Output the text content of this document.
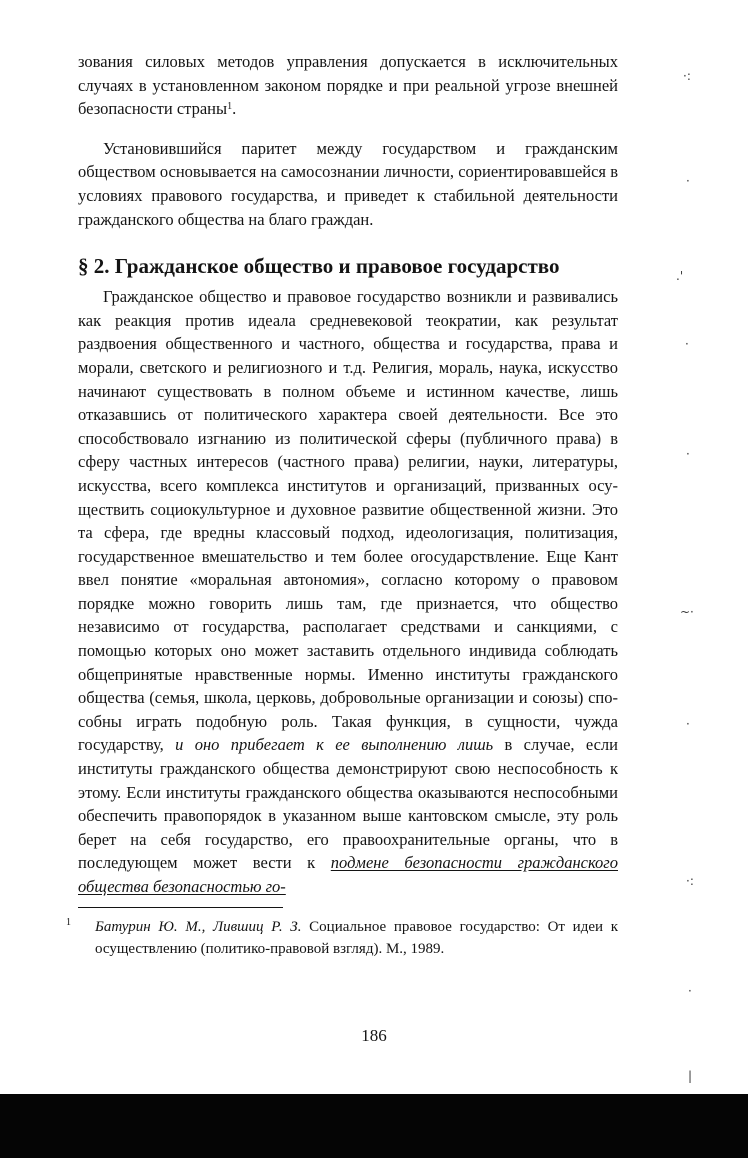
зования силовых методов управления допускается в исключительных случаях в установленном законом порядке и при реальной угрозе внешней безопасности страны$^1$.

Установившийся паритет между государством и гражданским обществом основывается на самосознании личности, сориентировавшейся в условиях правового государства, и приведет к стабильной деятельности гражданского общества на благо граждан.

§ 2. Гражданское общество и правовое государство

Гражданское общество и правовое государство возникли и развивались как реакция против идеала средневековой теократии, как результат раздвоения общественного и частного, общества и государства, права и морали, светского и религиозного и т.д. Религия, мораль, наука, искусство начинают существовать в полном объеме и истинном качестве, лишь отказавшись от политического характера своей деятельности. Все это способствовало изгнанию из политической сферы (публичного права) в сферу частных интересов (частного права) религии, науки, литературы, искусства, всего комплекса институтов и организаций, призванных осуществить социокультурное и духовное развитие общественной жизни. Это та сфера, где вредны классовый подход, идеологизация, политизация, государственное вмешательство и тем более огосударствление. Еще Кант ввел понятие «моральная автономия», согласно которому о правовом порядке можно говорить лишь там, где признается, что общество независимо от государства, располагает средствами и санкциями, с помощью которых оно может заставить отдельного индивида соблюдать общепринятые нравственные нормы. Именно институты гражданского общества (семья, школа, церковь, добровольные организации и союзы) способны играть подобную роль. Такая функция, в сущности, чужда государству, и оно прибегает к ее выполнению лишь в случае, если институты гражданского общества демонстрируют свою неспособность к этому. Если институты гражданского общества оказываются неспособными обеспечить правопорядок в указанном выше кантовском смысле, эту роль берет на себя государство, его правоохранительные органы, что в последующем может вести к подмене безопасности гражданского общества безопасностью го-

1 Батурин Ю. М., Лившиц Р. З. Социальное правовое государство: От идеи к осуществлению (политико-правовой взгляд). М., 1989.

186
·:
·
.'
·
·
~·
·
·:
·
|
